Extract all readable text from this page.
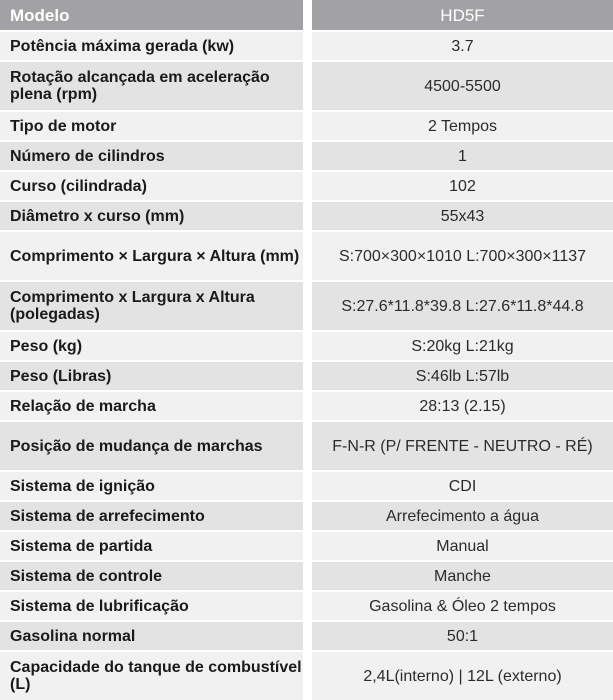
Modelo	HD5F
Potência máxima gerada (kw)	3.7
Rotação alcançada em aceleração plena (rpm)	4500-5500
Tipo de motor	2 Tempos
Número de cilindros	1
Curso (cilindrada)	102
Diâmetro x curso (mm)	55x43
Comprimento × Largura × Altura (mm)	S:700×300×1010 L:700×300×1137
Comprimento x Largura x Altura (polegadas)	S:27.6*11.8*39.8 L:27.6*11.8*44.8
Peso (kg)	S:20kg L:21kg
Peso (Libras)	S:46lb L:57lb
Relação de marcha	28:13 (2.15)
Posição de mudança de marchas	F-N-R (P/ FRENTE - NEUTRO - RÉ)
Sistema de ignição	CDI
Sistema de arrefecimento	Arrefecimento a água
Sistema de partida	Manual
Sistema de controle	Manche
Sistema de lubrificação	Gasolina & Óleo 2 tempos
Gasolina normal	50:1
Capacidade do tanque de combustível (L)	2,4L(interno) | 12L (externo)
